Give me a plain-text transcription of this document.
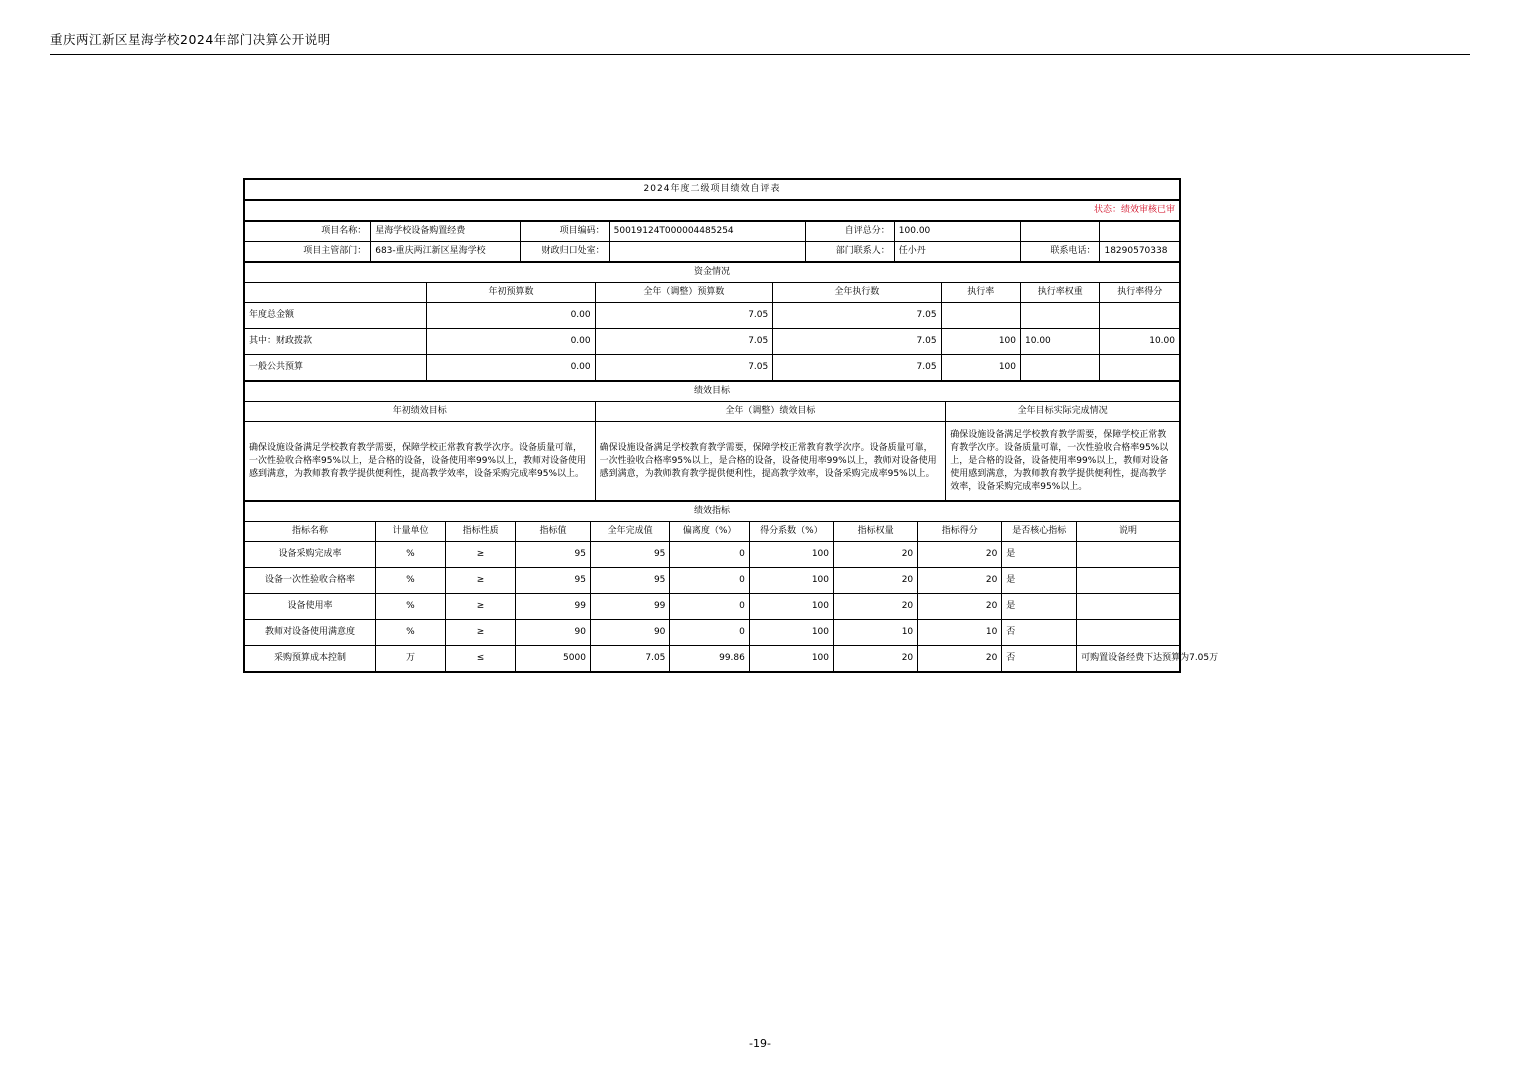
重庆两江新区星海学校2024年部门决算公开说明
2024年度二级项目绩效自评表
状态：绩效审核已审
项目名称：	星海学校设备购置经费	项目编码：	50019124T000004485254	自评总分：	100.00		
项目主管部门：	683-重庆两江新区星海学校	财政归口处室：		部门联系人：	任小丹	联系电话：	18290570338
资金情况						
	年初预算数	全年（调整）预算数	全年执行数	执行率	执行率权重	执行率得分
年度总金额	0.00	7.05	7.05			
其中：财政拨款	0.00	7.05	7.05	100	10.00	10.00
一般公共预算	0.00	7.05	7.05	100		
绩效目标		
年初绩效目标	全年（调整）绩效目标	全年目标实际完成情况
确保设施设备满足学校教育教学需要，保障学校正常教育教学次序。设备质量可靠，一次性验收合格率95%以上，是合格的设备，设备使用率99%以上，教师对设备使用感到满意，为教师教育教学提供便利性，提高教学效率，设备采购完成率95%以上。	确保设施设备满足学校教育教学需要，保障学校正常教育教学次序。设备质量可靠，一次性验收合格率95%以上，是合格的设备，设备使用率99%以上，教师对设备使用感到满意，为教师教育教学提供便利性，提高教学效率，设备采购完成率95%以上。	确保设施设备满足学校教育教学需要，保障学校正常教育教学次序。设备质量可靠，一次性验收合格率95%以上，是合格的设备，设备使用率99%以上，教师对设备使用感到满意，为教师教育教学提供便利性，提高教学效率，设备采购完成率95%以上。
绩效指标										
指标名称	计量单位	指标性质	指标值	全年完成值	偏离度（%）	得分系数（%）	指标权量	指标得分	是否核心指标	说明
设备采购完成率	%	≥	95	95	0	100	20	20	是	
设备一次性验收合格率	%	≥	95	95	0	100	20	20	是	
设备使用率	%	≥	99	99	0	100	20	20	是	
教师对设备使用满意度	%	≥	90	90	0	100	10	10	否	
采购预算成本控制	万	≤	5000	7.05	99.86	100	20	20	否	可购置设备经费下达预算为7.05万
-19-
